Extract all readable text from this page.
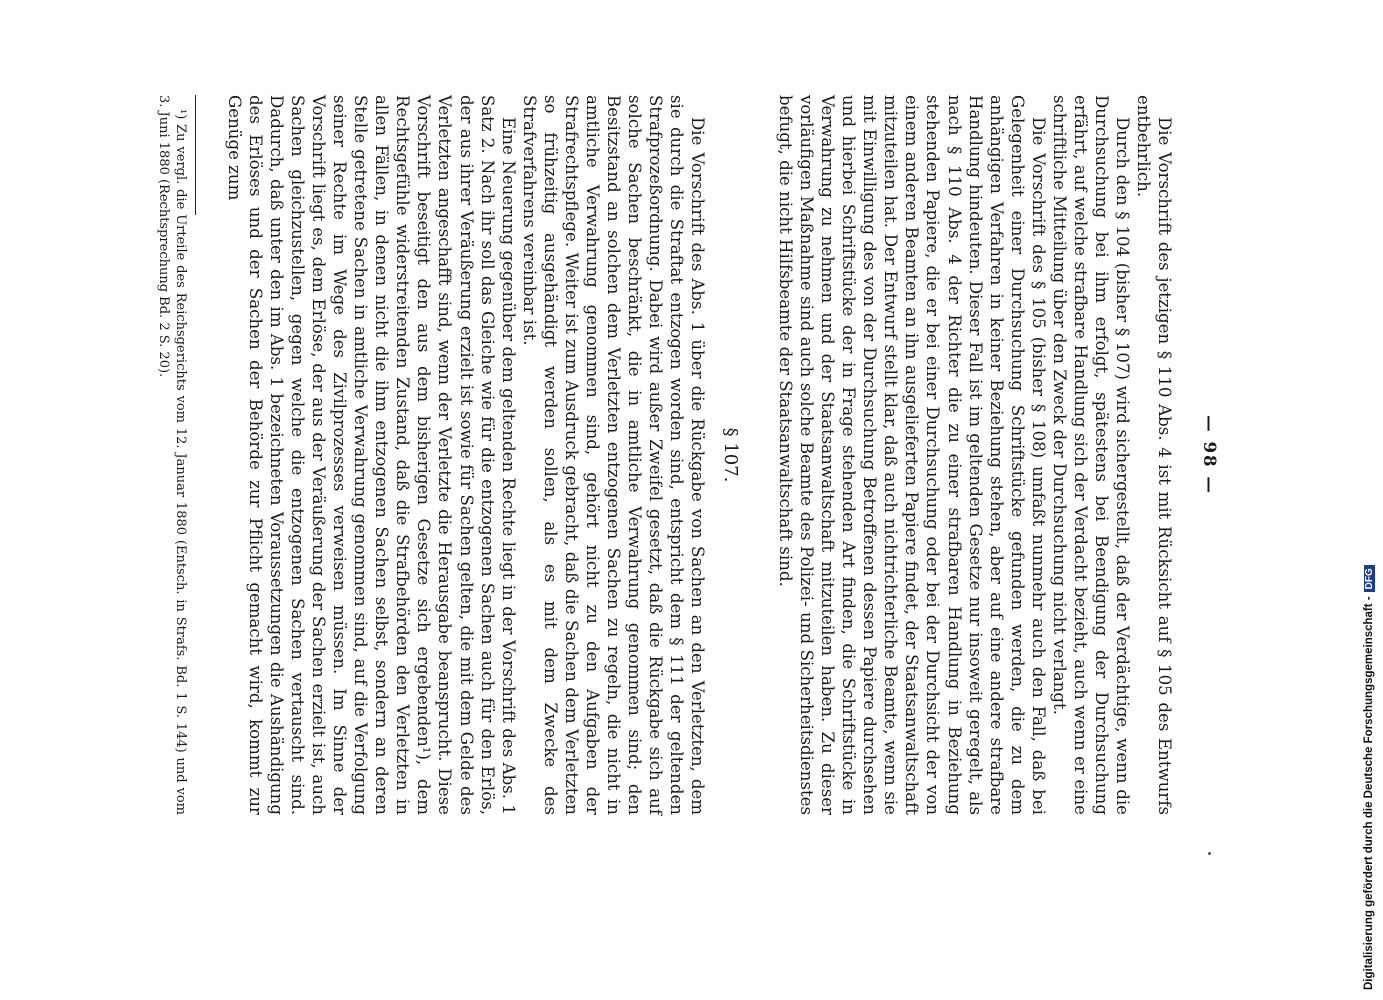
— 98 —

Die Vorschrift des jetzigen § 110 Abs. 4 ist mit Rücksicht auf § 105 des Entwurfs entbehrlich.

Durch den § 104 (bisher § 107) wird sichergestellt, daß der Verdächtige, wenn die Durchsuchung bei ihm erfolgt, spätestens bei Beendigung der Durchsuchung erfährt, auf welche strafbare Handlung sich der Verdacht bezieht, auch wenn er eine schriftliche Mitteilung über den Zweck der Durchsuchung nicht verlangt.

Die Vorschrift des § 105 (bisher § 108) umfaßt nunmehr auch den Fall, daß bei Gelegenheit einer Durchsuchung Schriftstücke gefunden werden, die zu dem anhängigen Verfahren in keiner Beziehung stehen, aber auf eine andere strafbare Handlung hindeuten. Dieser Fall ist im geltenden Gesetze nur insoweit geregelt, als nach § 110 Abs. 4 der Richter die zu einer strafbaren Handlung in Beziehung stehenden Papiere, die er bei einer Durchsuchung oder bei der Durchsicht der von einem anderen Beamten an ihn ausgelieferten Papiere findet, der Staatsanwaltschaft mitzuteilen hat. Der Entwurf stellt klar, daß auch nichtrichterliche Beamte, wenn sie mit Einwilligung des von der Durchsuchung Betroffenen dessen Papiere durchsehen und hierbei Schriftstücke der in Frage stehenden Art finden, die Schriftstücke in Verwahrung zu nehmen und der Staatsanwaltschaft mitzuteilen haben. Zu dieser vorläufigen Maßnahme sind auch solche Beamte des Polizei- und Sicherheitsdienstes befugt, die nicht Hilfsbeamte der Staatsanwaltschaft sind.

§ 107.

Die Vorschrift des Abs. 1 über die Rückgabe von Sachen an den Verletzten, dem sie durch die Straftat entzogen worden sind, entspricht dem § 111 der geltenden Strafprozeßordnung. Dabei wird außer Zweifel gesetzt, daß die Rückgabe sich auf solche Sachen beschränkt, die in amtliche Verwahrung genommen sind; den Besitzstand an solchen dem Verletzten entzogenen Sachen zu regeln, die nicht in amtliche Verwahrung genommen sind, gehört nicht zu den Aufgaben der Strafrechtspflege. Weiter ist zum Ausdruck gebracht, daß die Sachen dem Verletzten so frühzeitig ausgehändigt werden sollen, als es mit dem Zwecke des Strafverfahrens vereinbar ist.

Eine Neuerung gegenüber dem geltenden Rechte liegt in der Vorschrift des Abs. 1 Satz 2. Nach ihr soll das Gleiche wie für die entzogenen Sachen auch für den Erlös, der aus ihrer Veräußerung erzielt ist sowie für Sachen gelten, die mit dem Gelde des Verletzten angeschafft sind, wenn der Verletzte die Herausgabe beansprucht. Diese Vorschrift beseitigt den aus dem bisherigen Gesetze sich ergebenden¹), dem Rechtsgefühle widerstreitenden Zustand, daß die Strafbehörden den Verletzten in allen Fällen, in denen nicht die ihm entzogenen Sachen selbst, sondern an deren Stelle getretene Sachen in amtliche Verwahrung genommen sind, auf die Verfolgung seiner Rechte im Wege des Zivilprozesses verweisen müssen. Im Sinne der Vorschrift liegt es, dem Erlöse, der aus der Veräußerung der Sachen erzielt ist, auch Sachen gleichzustellen, gegen welche die entzogenen Sachen vertauscht sind. Dadurch, daß unter den im Abs. 1 bezeichneten Voraussetzungen die Aushändigung des Erlöses und der Sachen der Behörde zur Pflicht gemacht wird, kommt zur Genüge zum

¹) Zu vergl. die Urteile des Reichsgerichts vom 12. Januar 1880 (Entsch. in Strafs. Bd. 1 S. 144) und vom 3. Juni 1880 (Rechtsprechung Bd. 2 S. 20).

Digitalisierung gefördert durch die Deutsche Forschungsgemeinschaft -DFG
